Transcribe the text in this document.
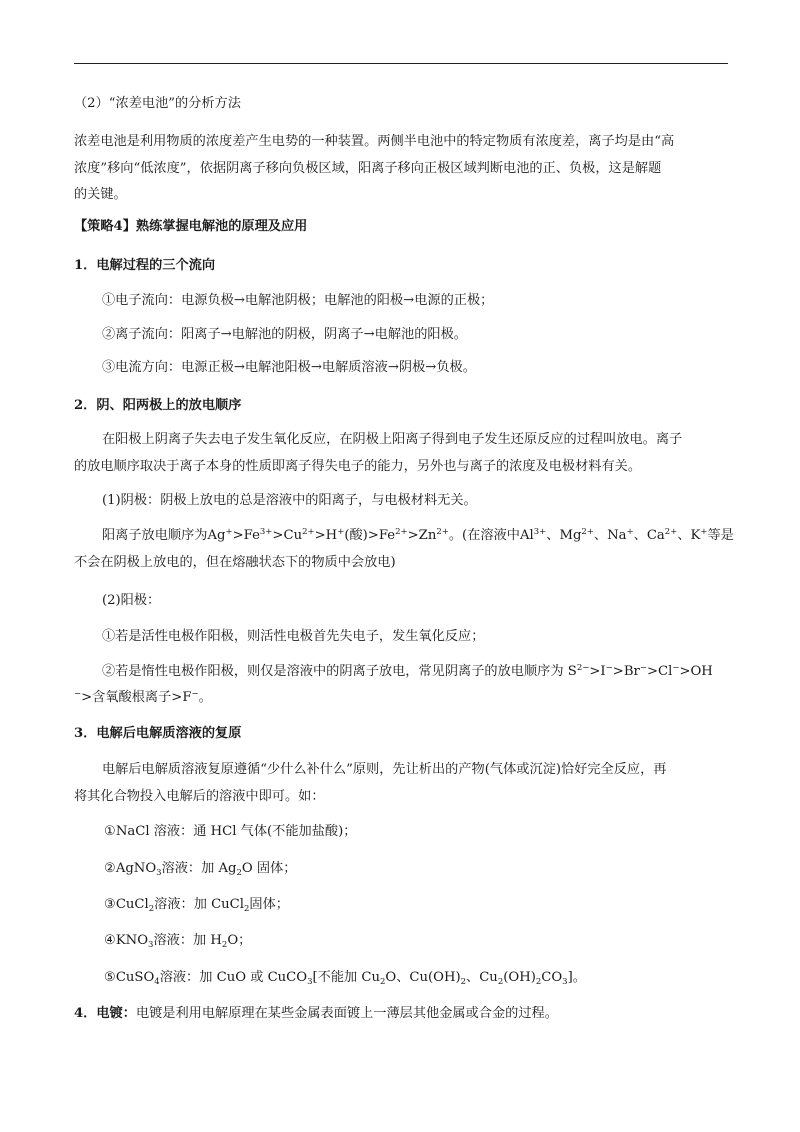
（2）“浓差电池”的分析方法
浓差电池是利用物质的浓度差产生电势的一种装置。两侧半电池中的特定物质有浓度差，离子均是由“高
浓度”移向“低浓度”，依据阴离子移向负极区域，阳离子移向正极区域判断电池的正、负极，这是解题
的关键。
【策略4】熟练掌握电解池的原理及应用
1．电解过程的三个流向
①电子流向：电源负极→电解池阴极；电解池的阳极→电源的正极；
②离子流向：阳离子→电解池的阴极，阴离子→电解池的阳极。
③电流方向：电源正极→电解池阳极→电解质溶液→阴极→负极。
2．阴、阳两极上的放电顺序
在阳极上阴离子失去电子发生氧化反应，在阴极上阳离子得到电子发生还原反应的过程叫放电。离子
的放电顺序取决于离子本身的性质即离子得失电子的能力，另外也与离子的浓度及电极材料有关。
(1)阴极：阴极上放电的总是溶液中的阳离子，与电极材料无关。
阳离子放电顺序为$Ag^+>Fe^{3+}>Cu^{2+}>H^+$(酸)$>Fe^{2+}>Zn^{2+}$。(在溶液中$Al^{3+}$、$Mg^{2+}$、Na+、$Ca^{2+}$、K+等是
不会在阴极上放电的，但在熔融状态下的物质中会放电)
(2)阳极：
①若是活性电极作阳极，则活性电极首先失电子，发生氧化反应；
②若是惰性电极作阳极，则仅是溶液中的阴离子放电，常见阴离子的放电顺序为 $S^{2-}>I^->Br^->Cl^->OH$
−>含氧酸根离子>F−。
3．电解后电解质溶液的复原
电解后电解质溶液复原遵循“少什么补什么”原则，先让析出的产物(气体或沉淀)恰好完全反应，再
将其化合物投入电解后的溶液中即可。如：
①NaCl 溶液：通 HCl 气体(不能加盐酸)；
②AgNO$_3$溶液：加 $Ag_2O$ 固体；
③CuCl$_2$溶液：加 CuCl$_2$固体；
$④KNO_3$溶液：加 $H_2O$；
⑤CuSO$_4$溶液：加 CuO 或 CuCO$_3$[不能加 $Cu_2O$、$Cu(OH)_2$、$Cu_2(OH)_2CO_3$]。
4．电镀：电镀是利用电解原理在某些金属表面镀上一薄层其他金属或合金的过程。
